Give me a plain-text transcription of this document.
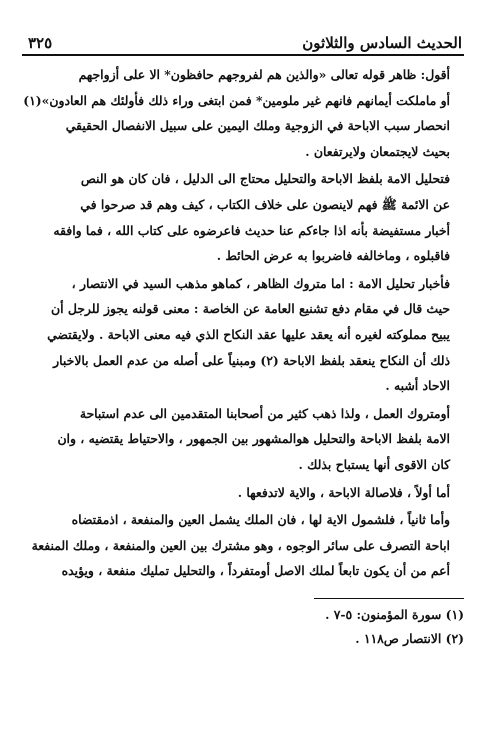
الحديث السادس والثلاثون
٣٢٥

أقول: ظاهر قوله تعالى «والذين هم لفروجهم حافظون* الا على أزواجهم
أو ماملكت أيمانهم فانهم غير ملومين* فمن ابتغى وراء ذلك فأولئك هم العادون»(١)
انحصار سبب الاباحة في الزوجية وملك اليمين على سبيل الانفصال الحقيقي
بحيث لايجتمعان ولايرتفعان .

فتحليل الامة بلفظ الاباحة والتحليل محتاج الى الدليل ، فان كان هو النص
عن الائمة ﷺ فهم لاينصون على خلاف الكتاب ، كيف وهم قد صرحوا في
أخبار مستفيضة بأنه اذا جاءكم عنا حديث فاعرضوه على كتاب الله ، فما وافقه
فاقبلوه ، وماخالفه فاضربوا به عرض الحائط .

فأخبار تحليل الامة : اما متروك الظاهر ، كماهو مذهب السيد في الانتصار ،
حيث قال في مقام دفع تشنيع العامة عن الخاصة : معنى قولنه يجوز للرجل أن
يبيح مملوكته لغيره أنه يعقد عليها عقد النكاح الذي فيه معنى الاباحة . ولايقتضي
ذلك أن النكاح ينعقد بلفظ الاباحة (٢) ومبنياً على أصله من عدم العمل بالاخبار
الاحاد أشبه .

أومتروك العمل ، ولذا ذهب كثير من أصحابنا المتقدمين الى عدم استباحة
الامة بلفظ الاباحة والتحليل هوالمشهور بين الجمهور ، والاحتياط يقتضيه ، وان
كان الاقوى أنها يستباح بذلك .

أما أولاً ، فلاصالة الاباحة ، والاية لاتدفعها .

وأما ثانياً ، فلشمول الاية لها ، فان الملك يشمل العين والمنفعة ، اذمقتضاه
اباحة التصرف على سائر الوجوه ، وهو مشترك بين العين والمنفعة ، وملك المنفعة
أعم من أن يكون تابعاً لملك الاصل أومتفرداً ، والتحليل تمليك منفعة ، ويؤيده

(١) سورة المؤمنون: ٥-٧ .
(٢) الانتصار ص١١٨ .
